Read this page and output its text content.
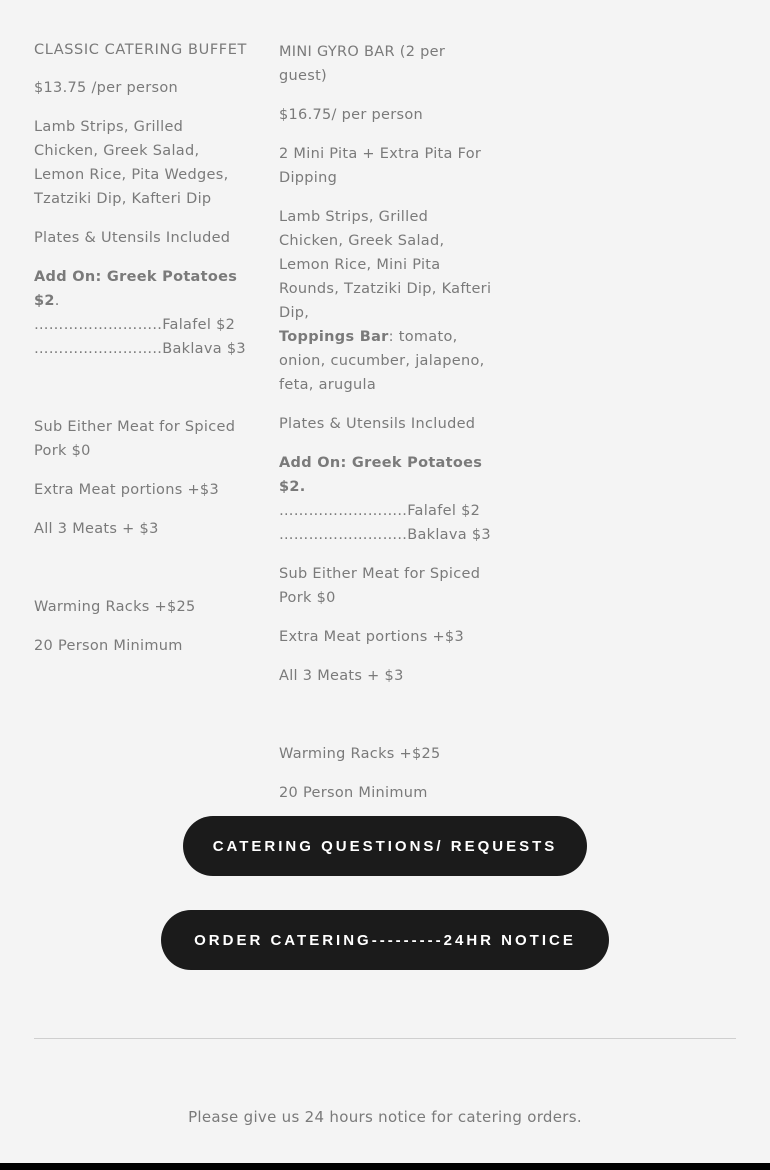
CLASSIC CATERING BUFFET

$13.75 /per person

Lamb Strips, Grilled Chicken, Greek Salad, Lemon Rice, Pita Wedges, Tzatziki Dip, Kafteri Dip

Plates & Utensils Included

Add On: Greek Potatoes $2.

……………………..Falafel $2

……………………..Baklava $3

Sub Either Meat for Spiced Pork $0

Extra Meat portions +$3

All 3 Meats + $3

Warming Racks +$25

20 Person Minimum

MINI GYRO BAR (2 per guest)

$16.75/ per person

2 Mini Pita + Extra Pita For Dipping

Lamb Strips, Grilled Chicken, Greek Salad, Lemon Rice, Mini Pita Rounds, Tzatziki Dip, Kafteri Dip,

Toppings Bar: tomato, onion, cucumber, jalapeno, feta, arugula

Plates & Utensils Included

Add On: Greek Potatoes $2.

……………………..Falafel $2

……………………..Baklava $3

Sub Either Meat for Spiced Pork $0

Extra Meat portions +$3

All 3 Meats + $3

Warming Racks +$25

20 Person Minimum

CATERING QUESTIONS/ REQUESTS
ORDER CATERING---------24HR NOTICE
Please give us 24 hours notice for catering orders.
